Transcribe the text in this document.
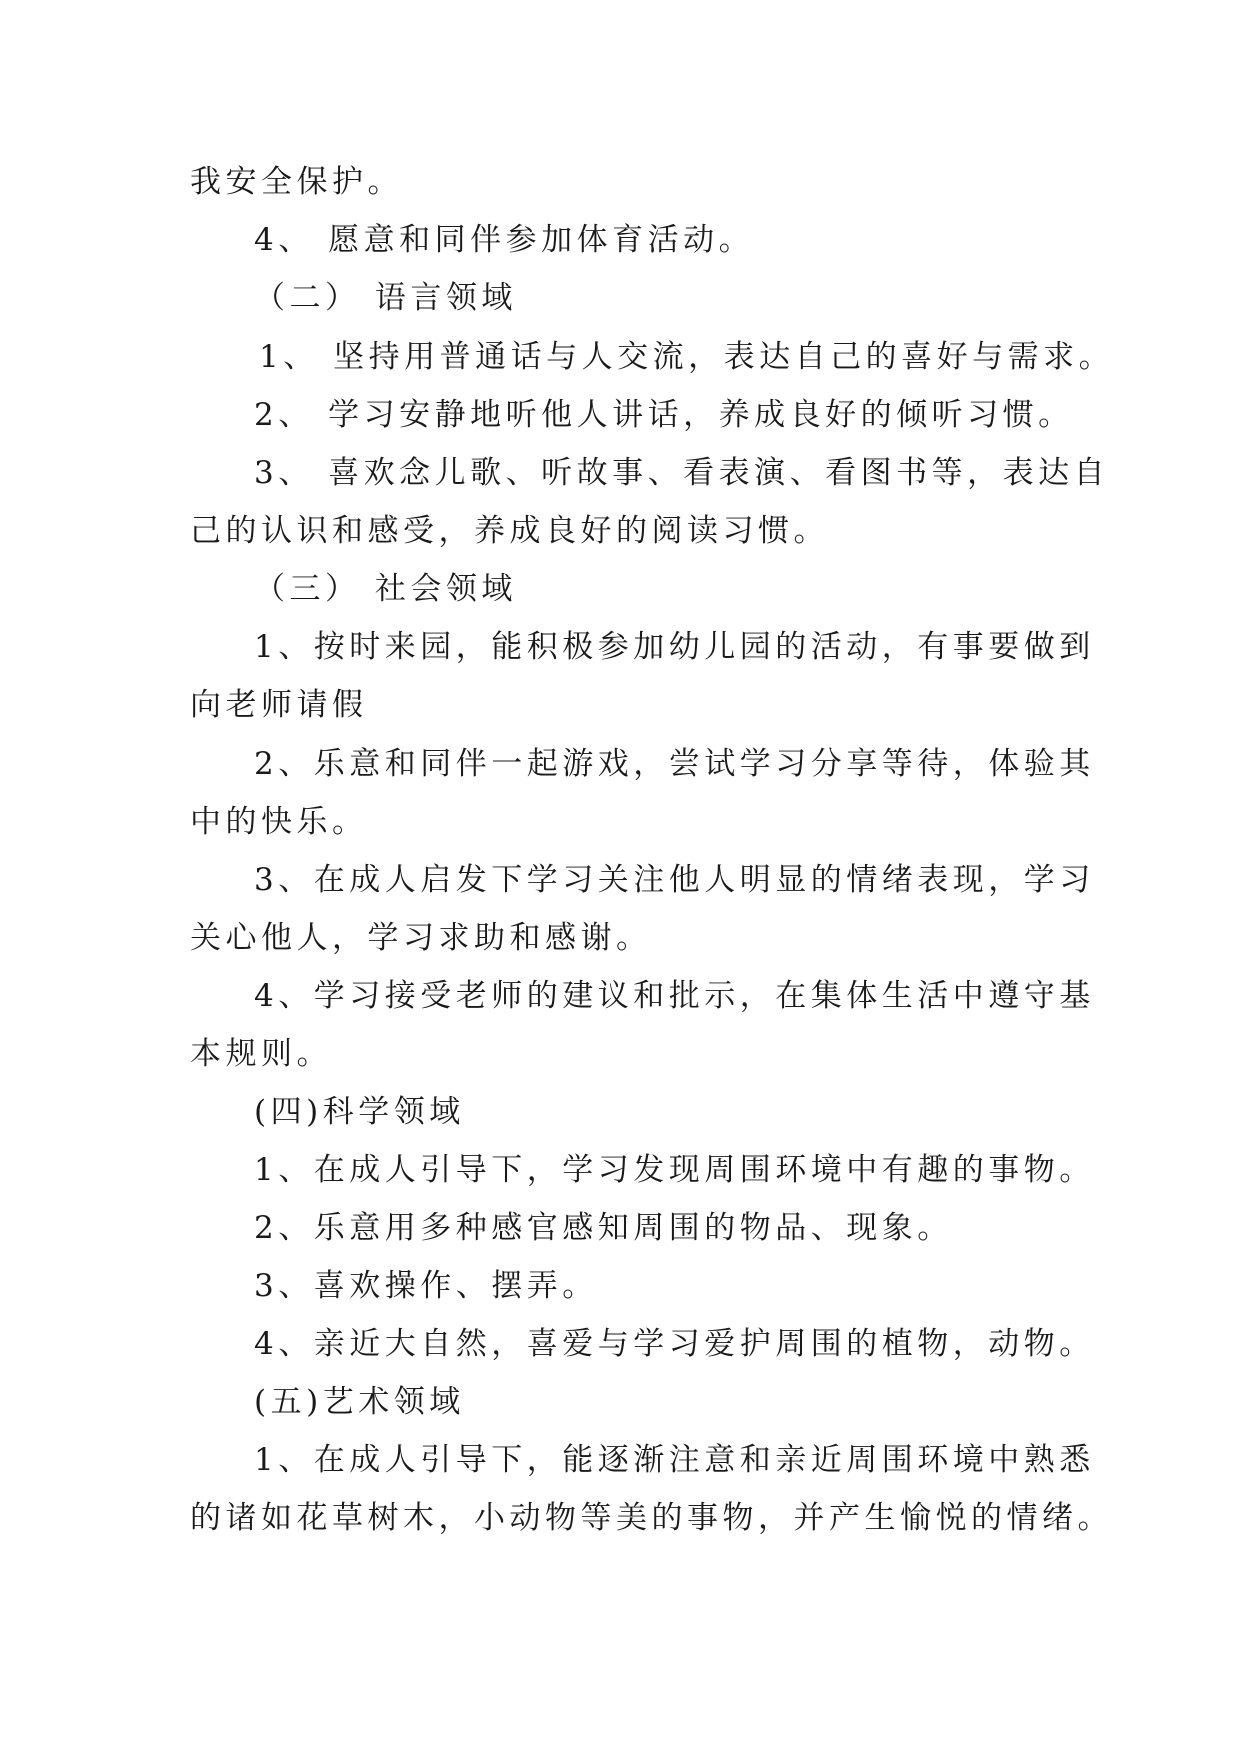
我安全保护。
4、 愿意和同伴参加体育活动。
（二） 语言领域
1、 坚持用普通话与人交流，表达自己的喜好与需求。
2、 学习安静地听他人讲话，养成良好的倾听习惯。
3、 喜欢念儿歌、听故事、看表演、看图书等，表达自
己的认识和感受，养成良好的阅读习惯。
（三） 社会领域
1、按时来园，能积极参加幼儿园的活动，有事要做到
向老师请假
2、乐意和同伴一起游戏，尝试学习分享等待，体验其
中的快乐。
3、在成人启发下学习关注他人明显的情绪表现，学习
关心他人，学习求助和感谢。
4、学习接受老师的建议和批示，在集体生活中遵守基
本规则。
(四)科学领域
1、在成人引导下，学习发现周围环境中有趣的事物。
2、乐意用多种感官感知周围的物品、现象。
3、喜欢操作、摆弄。
4、亲近大自然，喜爱与学习爱护周围的植物，动物。
(五)艺术领域
1、在成人引导下，能逐渐注意和亲近周围环境中熟悉
的诸如花草树木，小动物等美的事物，并产生愉悦的情绪。
